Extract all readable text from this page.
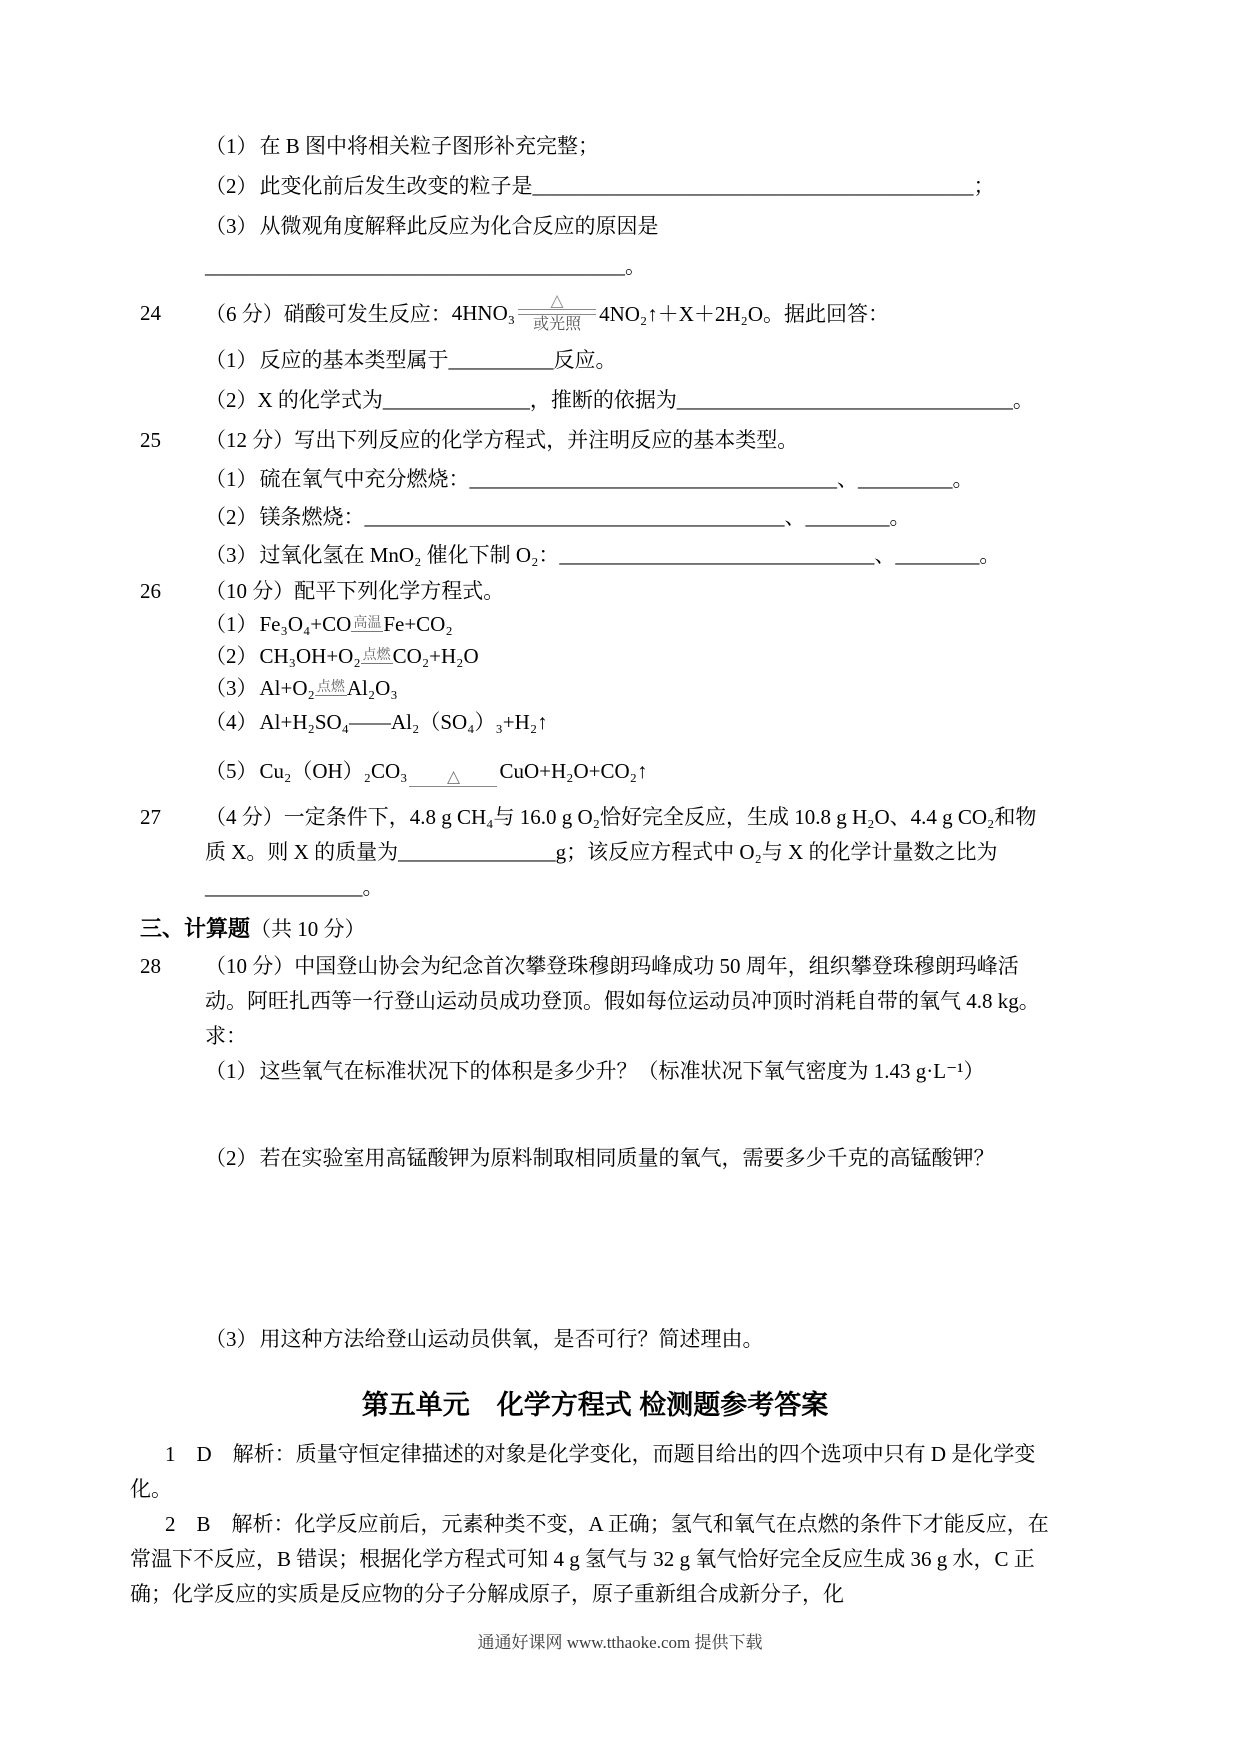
（1）在 B 图中将相关粒子图形补充完整；

（2）此变化前后发生改变的粒子是__________________________________________；

（3）从微观角度解释此反应为化合反应的原因是________________________________________。

24	（6 分）硝酸可发生反应： 4HNO₃
△
或光照 4NO₂↑＋X＋2H₂O。据此回答：

（1）反应的基本类型属于__________反应。

（2）X 的化学式为______________，推断的依据为________________________________。

25 （12 分）写出下列反应的化学方程式，并注明反应的基本类型。

（1）硫在氧气中充分燃烧：___________________________________、_________。

（2）镁条燃烧：________________________________________、________。

（3）过氧化氢在 MnO₂ 催化下制 O₂：______________________________、________。

26 （10 分）配平下列化学方程式。

（1）Fe₃O₄+CO 高温Fe+CO₂

（2）CH₃OH+O₂ 点燃CO₂+H₂O

（3）Al+O₂ 点燃Al₂O₃

（4）Al+H₂SO₄——Al₂（SO₄）₃+H₂↑

（5）Cu₂（OH）₂CO₃ △ CuO+H₂O+CO₂↑

27 （4 分）一定条件下，4.8 g CH₄与 16.0 g O₂恰好完全反应，生成 10.8 g H₂O、4.4 g CO₂和物质 X。则 X 的质量为_______________g；该反应方程式中 O₂与 X 的化学计量数之比为_______________。

三、计算题（共 10 分）

28 （10 分）中国登山协会为纪念首次攀登珠穆朗玛峰成功 50 周年，组织攀登珠穆朗玛峰活动。阿旺扎西等一行登山运动员成功登顶。假如每位运动员冲顶时消耗自带的氧气 4.8 kg。求：

（1）这些氧气在标准状况下的体积是多少升？（标准状况下氧气密度为 1.43 g·L⁻¹）

（2）若在实验室用高锰酸钾为原料制取相同质量的氧气，需要多少千克的高锰酸钾？

（3）用这种方法给登山运动员供氧，是否可行？简述理由。

第五单元　化学方程式 检测题参考答案

1　D　解析：质量守恒定律描述的对象是化学变化，而题目给出的四个选项中只有 D 是化学变化。

2　B　解析：化学反应前后，元素种类不变，A 正确；氢气和氧气在点燃的条件下才能反应，在常温下不反应，B 错误；根据化学方程式可知 4 g 氢气与 32 g 氧气恰好完全反应生成 36 g 水，C 正确；化学反应的实质是反应物的分子分解成原子，原子重新组合成新分子，化

通通好课网 www.tthaoke.com 提供下载
